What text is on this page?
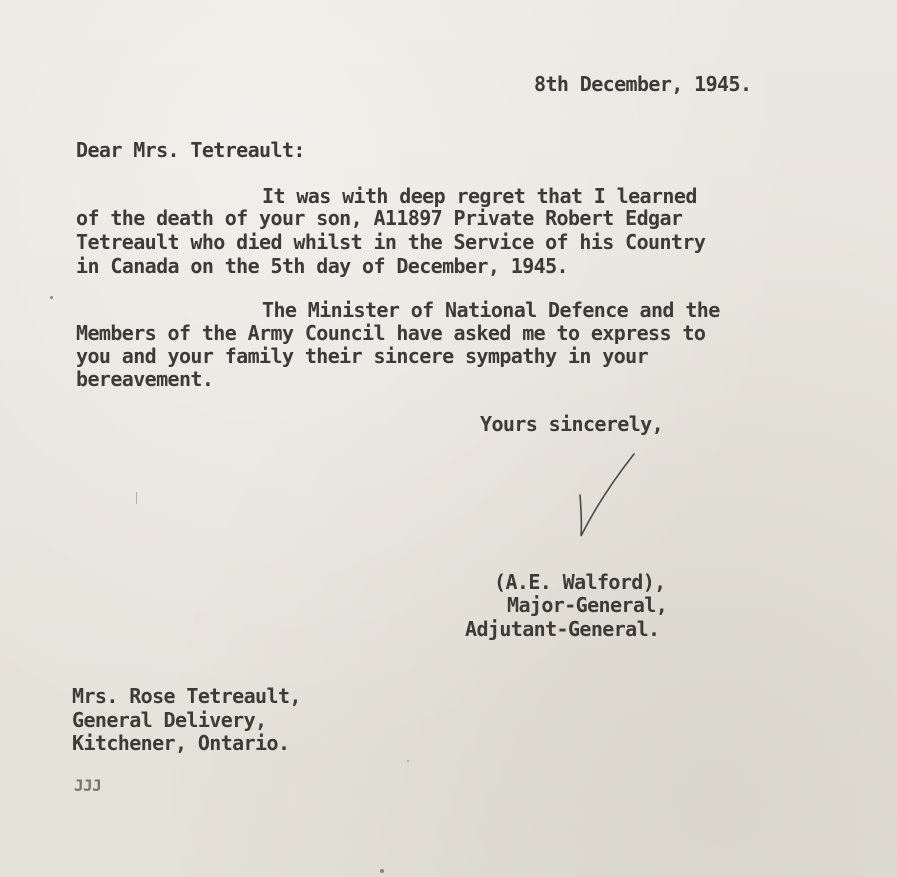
8th December, 1945.
Dear Mrs. Tetreault:
It was with deep regret that I learned
of the death of your son, A11897 Private Robert Edgar
Tetreault who died whilst in the Service of his Country
in Canada on the 5th day of December, 1945.
The Minister of National Defence and the
Members of the Army Council have asked me to express to
you and your family their sincere sympathy in your
bereavement.
Yours sincerely,
(A.E. Walford),
Major-General,
Adjutant-General.
Mrs. Rose Tetreault,
General Delivery,
Kitchener, Ontario.
JJJ
